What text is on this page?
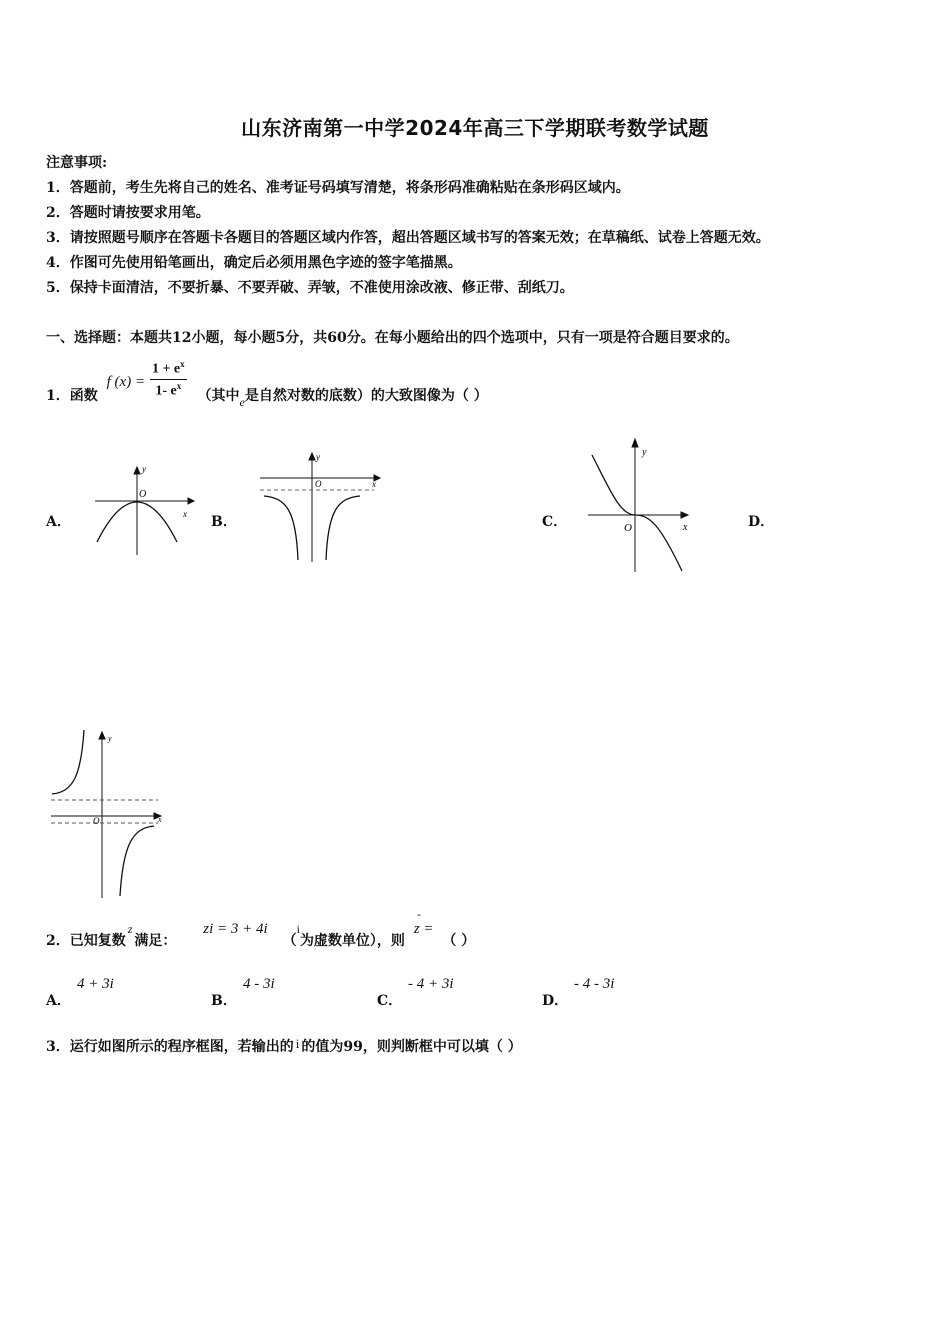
山东济南第一中学2024年高三下学期联考数学试题
注意事项:
1．答题前，考生先将自己的姓名、准考证号码填写清楚，将条形码准确粘贴在条形码区域内。
2．答题时请按要求用笔。
3．请按照题号顺序在答题卡各题目的答题区域内作答，超出答题区域书写的答案无效；在草稿纸、试卷上答题无效。
4．作图可先使用铅笔画出，确定后必须用黑色字迹的签字笔描黑。
5．保持卡面清洁，不要折暴、不要弄破、弄皱，不准使用涂改液、修正带、刮纸刀。
一、选择题：本题共12小题，每小题5分，共60分。在每小题给出的四个选项中，只有一项是符合题目要求的。
1．函数 f $(x) = \frac{1 + e^x}{1- e^x}$ （其中e是自然对数的底数）的大致图像为（ ）
A．	B．	C．	D．
y
x
O
y
x
O
y
x
O
y
x
O
2．已知复数z满足： zi = 3 + 4i （i为虚数单位），则
-
z = （ ）
A．
4 + 3i
B．
4 - 3i
C．
- 4 + 3i
D．
- 4 - 3i
3．运行如图所示的程序框图，若输出的 i 的值为99，则判断框中可以填（ ）
